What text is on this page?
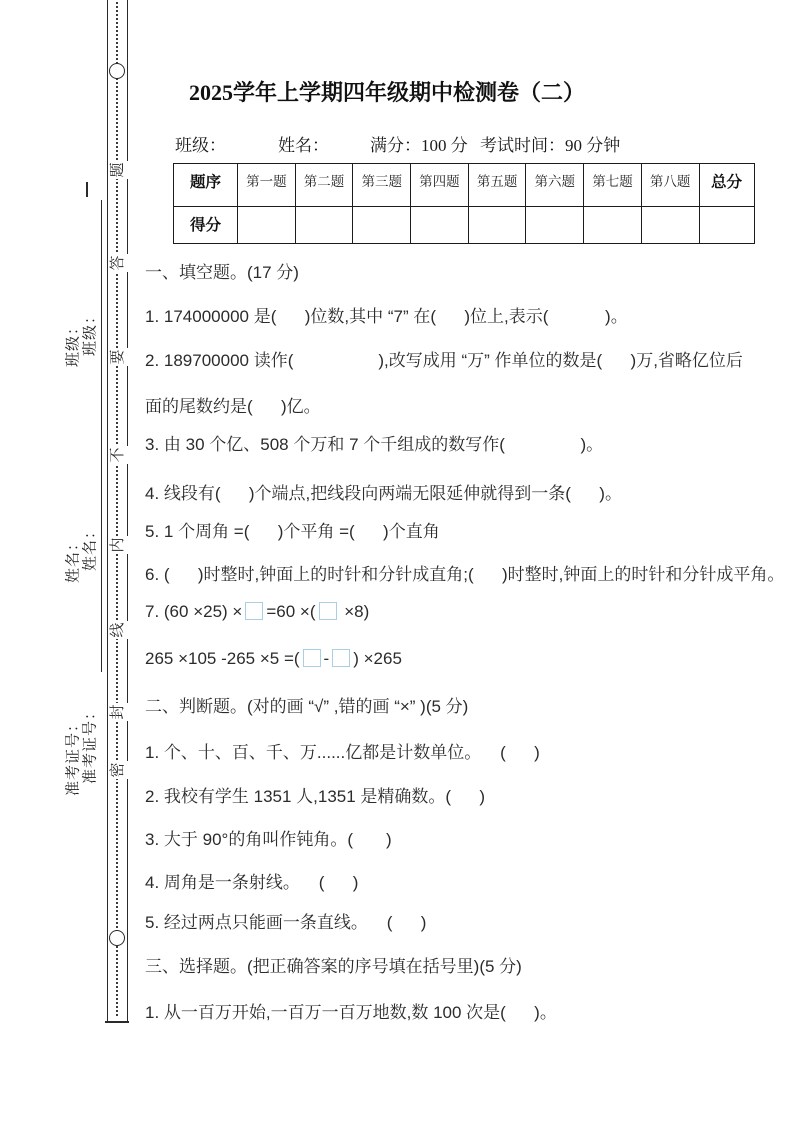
班级：
班级：
姓名：
姓名：
准考证号：
准考证号：
题
答
要
不
内
线
封
密
2025学年上学期四年级期中检测卷（二）
班级：	姓名： 满分：100 分 考试时间：90 分钟
题序	第一题	第二题	第三题	第四题	第五题	第六题	第七题	第八题	总分
得分									

一、填空题。(17 分)

1. 174000000 是(      )位数,其中 “7” 在(      )位上,表示(            )。

2. 189700000 读作(                  ),改写成用 “万” 作单位的数是(      )万,省略亿位后

面的尾数约是(      )亿。

3. 由 30 个亿、508 个万和 7 个千组成的数写作(                )。

4. 线段有(      )个端点,把线段向两端无限延伸就得到一条(      )。

5. 1 个周角 =(      )个平角 =(      )个直角

6. (      )时整时,钟面上的时针和分针成直角;(      )时整时,钟面上的时针和分针成平角。

7. (60 ×25) × =60 ×( ×8)

265 ×105 -265 ×5 =( - ) ×265

二、判断题。(对的画 “√” ,错的画 “×” )(5 分)

1. 个、十、百、千、万......亿都是计数单位。    (      )

2. 我校有学生 1351 人,1351 是精确数。(      )

3. 大于 90°的角叫作钝角。(       )

4. 周角是一条射线。    (      )

5. 经过两点只能画一条直线。    (      )

三、选择题。(把正确答案的序号填在括号里)(5 分)

1. 从一百万开始,一百万一百万地数,数 100 次是(      )。
